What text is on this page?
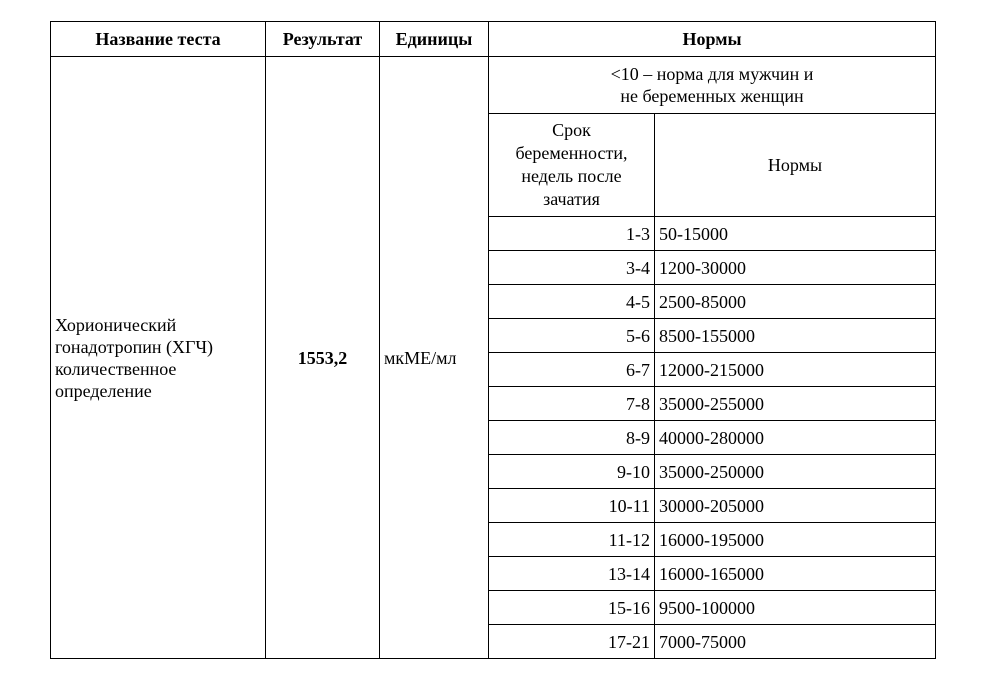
Название теста	Результат	Единицы	Нормы	

Хорионический
гонадотропин (ХГЧ)
количественное
определение	1553,2	мкМЕ/мл	<10 – норма для мужчин и
не беременных женщин	

			Срок
беременности,
недель после
зачатия	Нормы
			1-3	50-15000
			3-4	1200-30000
			4-5	2500-85000
			5-6	8500-155000
			6-7	12000-215000
			7-8	35000-255000
			8-9	40000-280000
			9-10	35000-250000
			10-11	30000-205000
			11-12	16000-195000
			13-14	16000-165000
			15-16	9500-100000
			17-21	7000-75000
